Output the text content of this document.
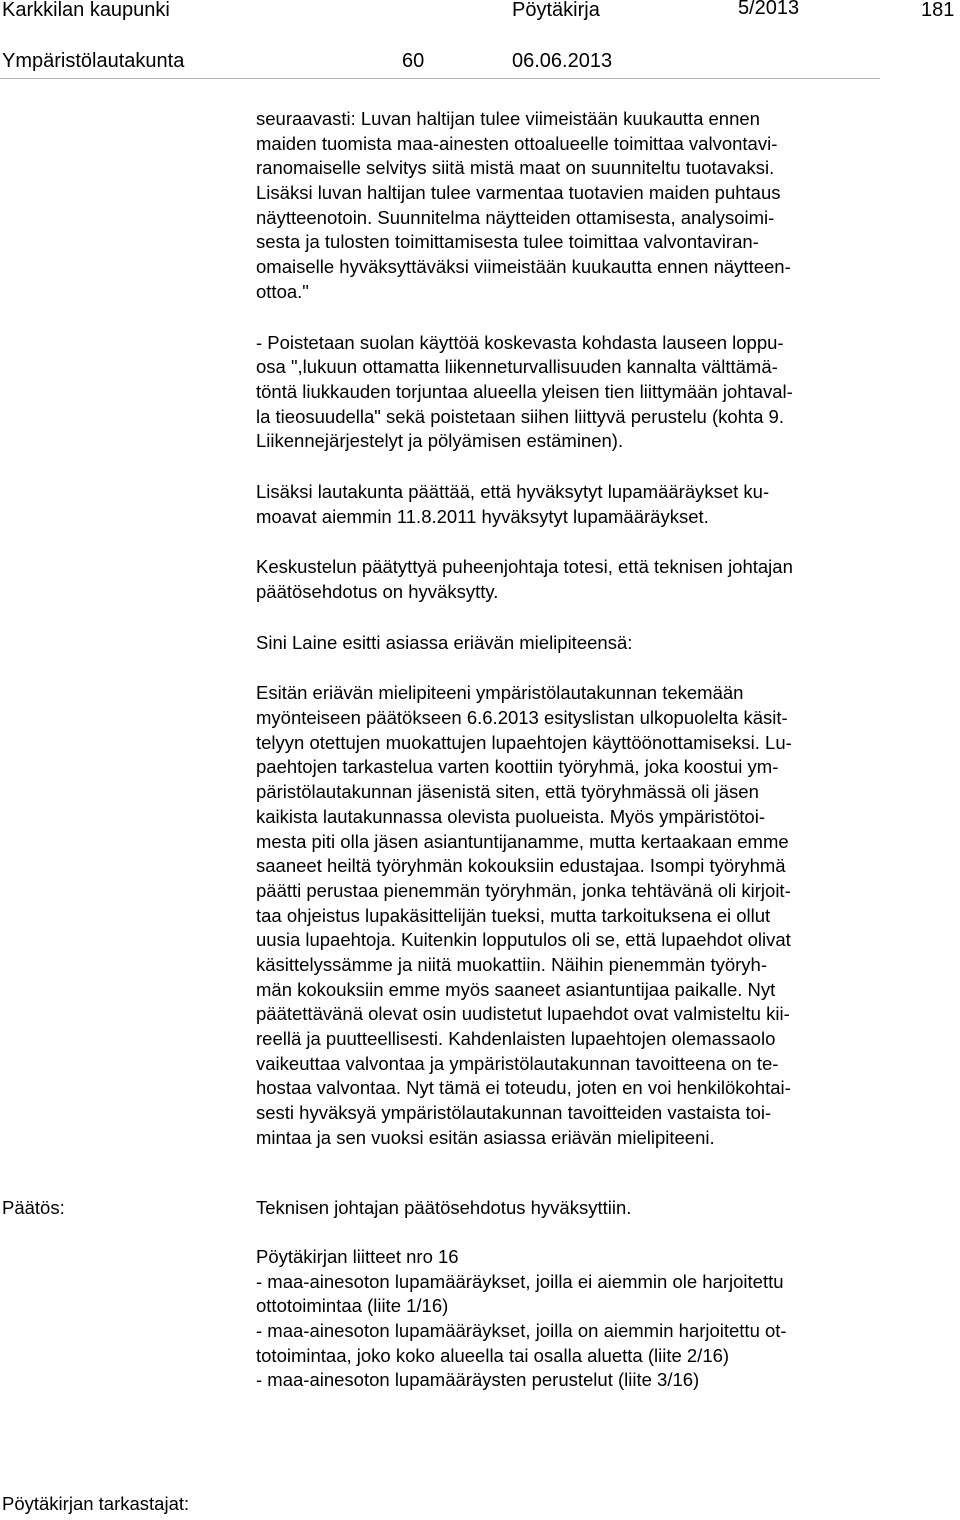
Karkkilan kaupunki	Pöytäkirja	5/2013	181
Ympäristölautakunta	60	06.06.2013
seuraavasti: Luvan haltijan tulee viimeistään kuukautta ennen
maiden tuomista maa-ainesten ottoalueelle toimittaa valvontavi-
ranomaiselle selvitys siitä mistä maat on suunniteltu tuotavaksi.
Lisäksi luvan haltijan tulee varmentaa tuotavien maiden puhtaus
näytteenotoin. Suunnitelma näytteiden ottamisesta, analysoimi-
sesta ja tulosten toimittamisesta tulee toimittaa valvontaviran-
omaiselle hyväksyttäväksi viimeistään kuukautta ennen näytteen-
ottoa."
- Poistetaan suolan käyttöä koskevasta kohdasta lauseen loppu-
osa ",lukuun ottamatta liikenneturvallisuuden kannalta välttämä-
töntä liukkauden torjuntaa alueella yleisen tien liittymään johtaval-
la tieosuudella" sekä poistetaan siihen liittyvä perustelu (kohta 9.
Liikennejärjestelyt ja pölyämisen estäminen).
Lisäksi lautakunta päättää, että hyväksytyt lupamääräykset ku-
moavat aiemmin 11.8.2011 hyväksytyt lupamääräykset.
Keskustelun päätyttyä puheenjohtaja totesi, että teknisen johtajan
päätösehdotus on hyväksytty.
Sini Laine esitti asiassa eriävän mielipiteensä:
Esitän eriävän mielipiteeni ympäristölautakunnan tekemään
myönteiseen päätökseen 6.6.2013 esityslistan ulkopuolelta käsit-
telyyn otettujen muokattujen lupaehtojen käyttöönottamiseksi. Lu-
paehtojen tarkastelua varten koottiin työryhmä, joka koostui ym-
päristölautakunnan jäsenistä siten, että työryhmässä oli jäsen
kaikista lautakunnassa olevista puolueista. Myös ympäristötoi-
mesta piti olla jäsen asiantuntijanamme, mutta kertaakaan emme
saaneet heiltä työryhmän kokouksiin edustajaa. Isompi työryhmä
päätti perustaa pienemmän työryhmän, jonka tehtävänä oli kirjoit-
taa ohjeistus lupakäsittelijän tueksi, mutta tarkoituksena ei ollut
uusia lupaehtoja. Kuitenkin lopputulos oli se, että lupaehdot olivat
käsittelyssämme ja niitä muokattiin. Näihin pienemmän työryh-
män kokouksiin emme myös saaneet asiantuntijaa paikalle. Nyt
päätettävänä olevat osin uudistetut lupaehdot ovat valmisteltu kii-
reellä ja puutteellisesti. Kahdenlaisten lupaehtojen olemassaolo
vaikeuttaa valvontaa ja ympäristölautakunnan tavoitteena on te-
hostaa valvontaa. Nyt tämä ei toteudu, joten en voi henkilökohtai-
sesti hyväksyä ympäristölautakunnan tavoitteiden vastaista toi-
mintaa ja sen vuoksi esitän asiassa eriävän mielipiteeni.
Päätös:	Teknisen johtajan päätösehdotus hyväksyttiin.
Pöytäkirjan liitteet nro 16
- maa-ainesoton lupamääräykset, joilla ei aiemmin ole harjoitettu
ottotoimintaa (liite 1/16)
- maa-ainesoton lupamääräykset, joilla on aiemmin harjoitettu ot-
totoimintaa, joko koko alueella tai osalla aluetta (liite 2/16)
- maa-ainesoton lupamääräysten perustelut (liite 3/16)
Pöytäkirjan tarkastajat:
